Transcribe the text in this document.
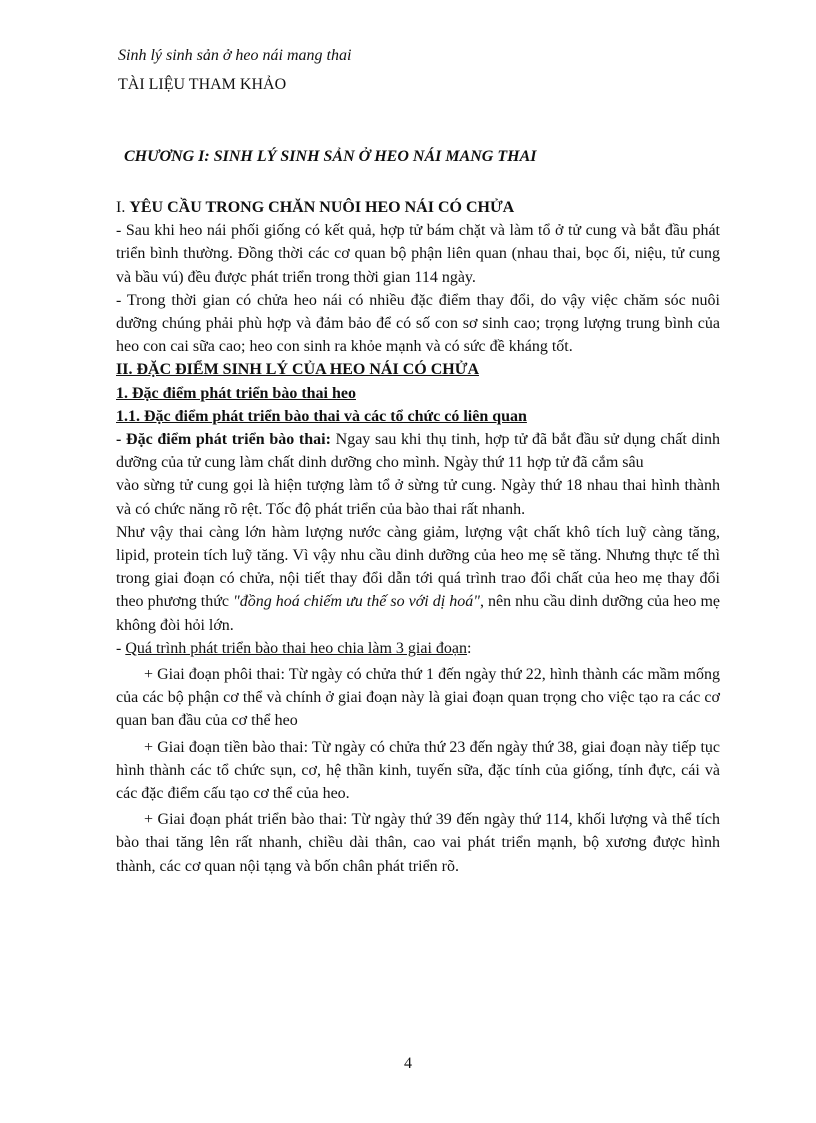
Sinh lý sinh sản ở heo nái mang thai
TÀI LIỆU THAM KHẢO
CHƯƠNG I: SINH LÝ SINH SẢN Ở HEO NÁI MANG THAI

I. YÊU CẦU TRONG CHĂN NUÔI HEO NÁI CÓ CHỬA

- Sau khi heo nái phối giống có kết quả, hợp tử bám chặt và làm tổ ở tử cung và bắt đầu phát triển bình thường. Đồng thời các cơ quan bộ phận liên quan (nhau thai, bọc ối, niệu, tử cung và bầu vú) đều được phát triển trong thời gian 114 ngày.

- Trong thời gian có chửa heo nái có nhiều đặc điểm thay đổi, do vậy việc chăm sóc nuôi dưỡng chúng phải phù hợp và đảm bảo để có số con sơ sinh cao; trọng lượng trung bình của heo con cai sữa cao; heo con sinh ra khỏe mạnh và có sức đề kháng tốt.

II. ĐẶC ĐIỂM SINH LÝ CỦA HEO NÁI CÓ CHỬA

1. Đặc điểm phát triển bào thai heo

1.1. Đặc điểm phát triển bào thai và các tổ chức có liên quan

- Đặc điểm phát triển bào thai: Ngay sau khi thụ tinh, hợp tử đã bắt đầu sử dụng chất dinh dưỡng của tử cung làm chất dinh dưỡng cho mình. Ngày thứ 11 hợp tử đã cắm sâu

vào sừng tử cung gọi là hiện tượng làm tổ ở sừng tử cung. Ngày thứ 18 nhau thai hình thành và có chức năng rõ rệt. Tốc độ phát triển của bào thai rất nhanh.

Như vậy thai càng lớn hàm lượng nước càng giảm, lượng vật chất khô tích luỹ càng tăng, lipid, protein tích luỹ tăng. Vì vậy nhu cầu dinh dưỡng của heo mẹ sẽ tăng. Nhưng thực tế thì trong giai đoạn có chửa, nội tiết thay đổi dẫn tới quá trình trao đổi chất của heo mẹ thay đổi theo phương thức "đồng hoá chiếm ưu thế so với dị hoá", nên nhu cầu dinh dưỡng của heo mẹ không đòi hỏi lớn.

- Quá trình phát triển bào thai heo chia làm 3 giai đoạn:

+ Giai đoạn phôi thai: Từ ngày có chửa thứ 1 đến ngày thứ 22, hình thành các mầm mống của các bộ phận cơ thể và chính ở giai đoạn này là giai đoạn quan trọng cho việc tạo ra các cơ quan ban đầu của cơ thể heo

+ Giai đoạn tiền bào thai: Từ ngày có chửa thứ 23 đến ngày thứ 38, giai đoạn này tiếp tục hình thành các tổ chức sụn, cơ, hệ thần kinh, tuyến sữa, đặc tính của giống, tính đực, cái và các đặc điểm cấu tạo cơ thể của heo.

+ Giai đoạn phát triển bào thai: Từ ngày thứ 39 đến ngày thứ 114, khối lượng và thể tích bào thai tăng lên rất nhanh, chiều dài thân, cao vai phát triển mạnh, bộ xương được hình thành, các cơ quan nội tạng và bốn chân phát triển rõ.

4
